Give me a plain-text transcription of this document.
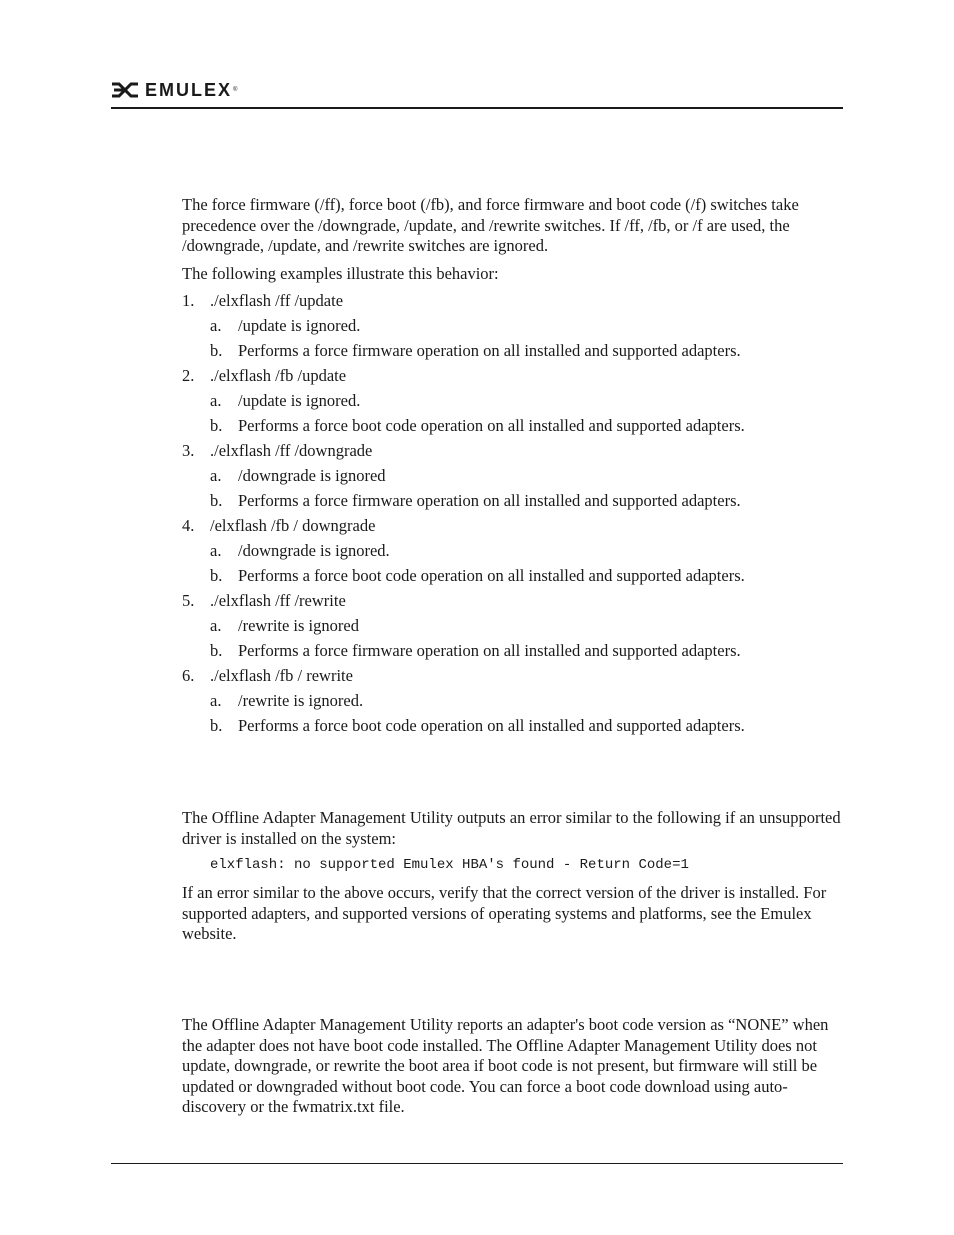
EMULEX ®

The force firmware (/ff), force boot (/fb), and force firmware and boot code (/f) switches take precedence over the /downgrade, /update, and /rewrite switches. If /ff, /fb, or /f are used, the /downgrade, /update, and /rewrite switches are ignored.

The following examples illustrate this behavior:

1. ./elxflash /ff /update
a. /update is ignored.
b. Performs a force firmware operation on all installed and supported adapters.
2. ./elxflash /fb /update
a. /update is ignored.
b. Performs a force boot code operation on all installed and supported adapters.
3. ./elxflash /ff /downgrade
a. /downgrade is ignored
b. Performs a force firmware operation on all installed and supported adapters.
4. /elxflash /fb / downgrade
a. /downgrade is ignored.
b. Performs a force boot code operation on all installed and supported adapters.
5. ./elxflash /ff /rewrite
a. /rewrite is ignored
b. Performs a force firmware operation on all installed and supported adapters.
6. ./elxflash /fb / rewrite
a. /rewrite is ignored.
b. Performs a force boot code operation on all installed and supported adapters.

The Offline Adapter Management Utility outputs an error similar to the following if an unsupported driver is installed on the system:

elxflash: no supported Emulex HBA's found - Return Code=1

If an error similar to the above occurs, verify that the correct version of the driver is installed. For supported adapters, and supported versions of operating systems and platforms, see the Emulex website.

The Offline Adapter Management Utility reports an adapter's boot code version as “NONE” when the adapter does not have boot code installed. The Offline Adapter Management Utility does not update, downgrade, or rewrite the boot area if boot code is not present, but firmware will still be updated or downgraded without boot code. You can force a boot code download using auto-discovery or the fwmatrix.txt file.
